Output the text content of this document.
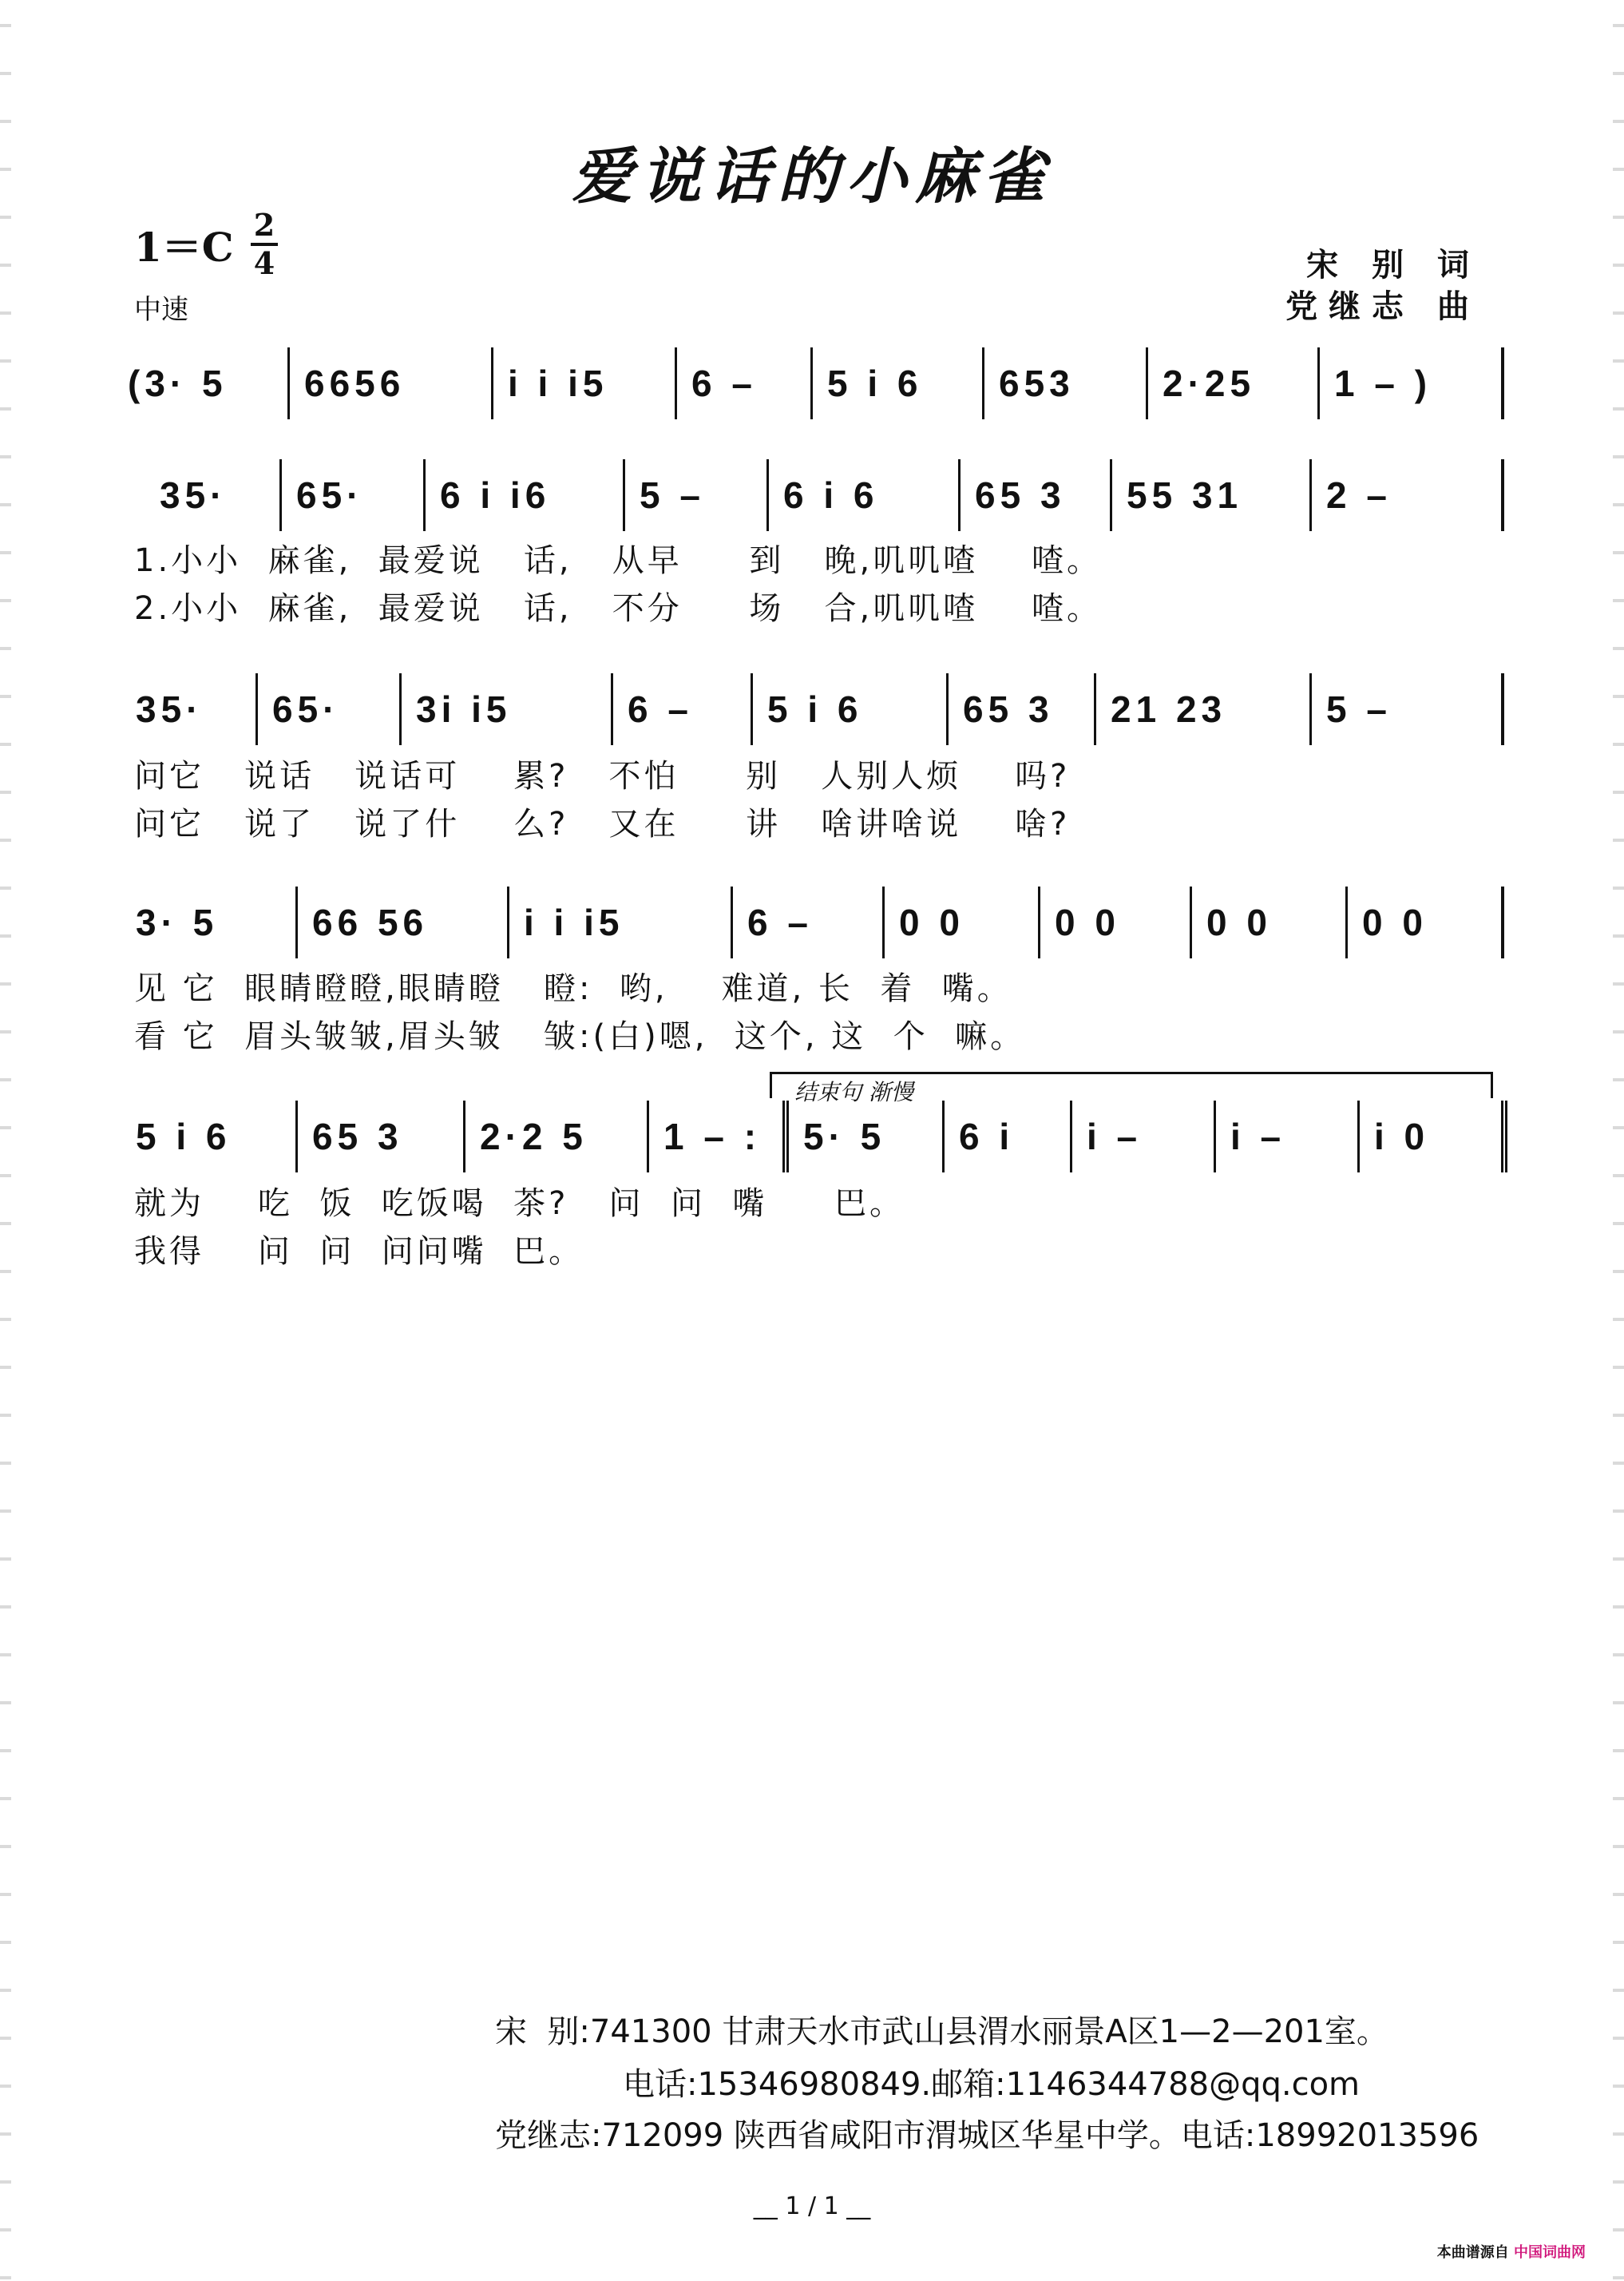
爱说话的小麻雀
1＝C 2
4
中速
宋 别 词
党继志 曲
(3· 5 6656	i i i5 6 – 5 i 6 653 2·25 1 – )
35· 65· 6 i i6 5 – 6 i 6	65 3 55 31 2 –
1.小小  麻雀,  最爱说   话,   从早     到   晚,叽叽喳    喳。
2.小小  麻雀,  最爱说   话,   不分     场   合,叽叽喳    喳。
35· 65· 3i i5	6 – 5 i 6	65 3 21 23	5 –
问它   说话   说话可    累?   不怕     别   人别人烦    吗?
问它   说了   说了什    么?   又在     讲   啥讲啥说    啥?
3· 5	66 56	i i i5	6 – 0 0 0 0 0 0 0 0
见 它  眼睛瞪瞪,眼睛瞪   瞪:  哟,    难道, 长  着  嘴。
看 它  眉头皱皱,眉头皱   皱:(白)嗯,  这个, 这  个  嘛。
结束句 渐慢
5 i 6 65 3 2·2 5 1 – : 5· 5 6 i i – i – i 0
就为    吃  饭  吃饭喝  茶?   问  问  嘴     巴。
我得    问  问  问问嘴  巴。
宋  别:741300 甘肃天水市武山县渭水丽景A区1—2—201室。
电话:15346980849.邮箱:1146344788@qq.com
党继志:712099 陕西省咸阳市渭城区华星中学。电话:18992013596
__ 1 / 1 __
本曲谱源自 中国词曲网
